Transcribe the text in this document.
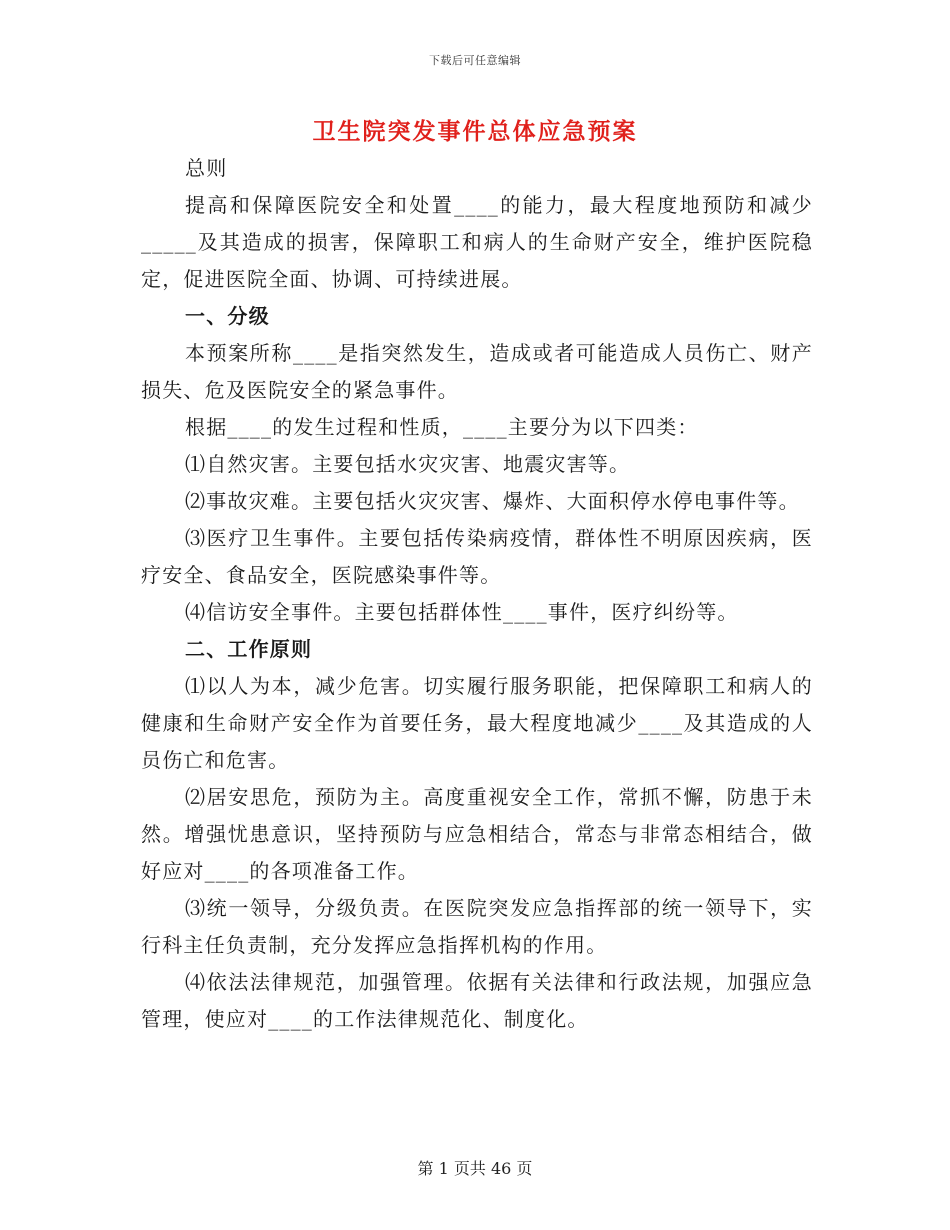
下载后可任意编辑
卫生院突发事件总体应急预案

总则

提高和保障医院安全和处置____的能力，最大程度地预防和减少_____及其造成的损害，保障职工和病人的生命财产安全，维护医院稳定，促进医院全面、协调、可持续进展。

一、分级

本预案所称____是指突然发生，造成或者可能造成人员伤亡、财产损失、危及医院安全的紧急事件。

根据____的发生过程和性质，____主要分为以下四类：

⑴自然灾害。主要包括水灾灾害、地震灾害等。

⑵事故灾难。主要包括火灾灾害、爆炸、大面积停水停电事件等。

⑶医疗卫生事件。主要包括传染病疫情，群体性不明原因疾病，医疗安全、食品安全，医院感染事件等。

⑷信访安全事件。主要包括群体性____事件，医疗纠纷等。

二、工作原则

⑴以人为本，减少危害。切实履行服务职能，把保障职工和病人的健康和生命财产安全作为首要任务，最大程度地减少____及其造成的人员伤亡和危害。

⑵居安思危，预防为主。高度重视安全工作，常抓不懈，防患于未然。增强忧患意识，坚持预防与应急相结合，常态与非常态相结合，做好应对____的各项准备工作。

⑶统一领导，分级负责。在医院突发应急指挥部的统一领导下，实行科主任负责制，充分发挥应急指挥机构的作用。

⑷依法法律规范，加强管理。依据有关法律和行政法规，加强应急管理，使应对____的工作法律规范化、制度化。

第 1 页共 46 页
